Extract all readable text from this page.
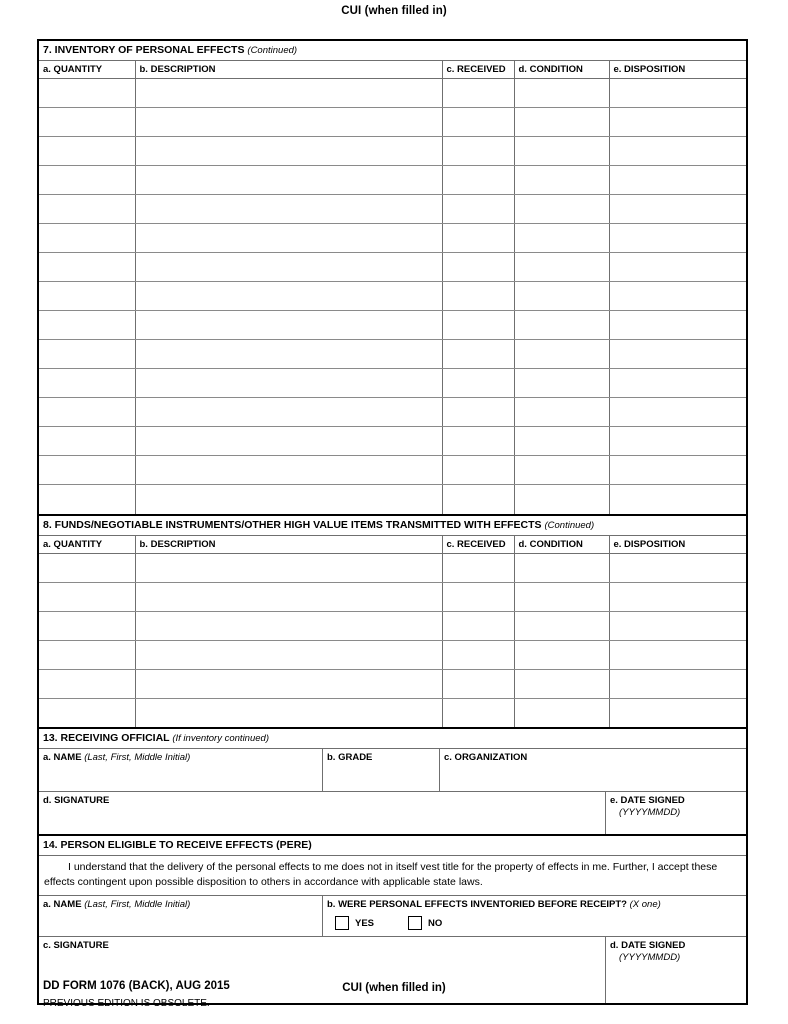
CUI (when filled in)
7. INVENTORY OF PERSONAL EFFECTS (Continued)
a. QUANTITY	b. DESCRIPTION	c. RECEIVED	d. CONDITION	e. DISPOSITION

8. FUNDS/NEGOTIABLE INSTRUMENTS/OTHER HIGH VALUE ITEMS TRANSMITTED WITH EFFECTS (Continued)
a. QUANTITY	b. DESCRIPTION	c. RECEIVED	d. CONDITION	e. DISPOSITION

13. RECEIVING OFFICIAL (If inventory continued)
a. NAME (Last, First, Middle Initial)	b. GRADE	c. ORGANIZATION
d. SIGNATURE	e. DATE SIGNED
(YYYYMMDD)
14. PERSON ELIGIBLE TO RECEIVE EFFECTS (PERE)
I understand that the delivery of the personal effects to me does not in itself vest title for the property of effects in me. Further, I accept these effects contingent upon possible disposition to others in accordance with applicable state laws.
a. NAME (Last, First, Middle Initial)	b. WERE PERSONAL EFFECTS INVENTORIED BEFORE RECEIPT? (X one)
YES	NO
c. SIGNATURE	d. DATE SIGNED
(YYYYMMDD)
DD FORM 1076 (BACK), AUG 2015
PREVIOUS EDITION IS OBSOLETE.
CUI (when filled in)
